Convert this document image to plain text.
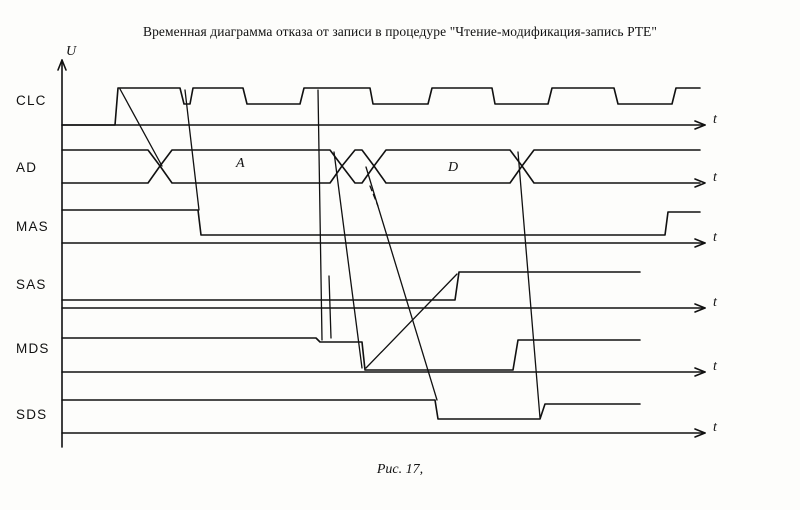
Временная диаграмма отказа от записи в процедуре "Чтение-модификация-запись PTE"
U
t
t
t
t
t
t
CLC
AD
MAS
SAS
MDS
SDS
A	D
Рис. 17,
